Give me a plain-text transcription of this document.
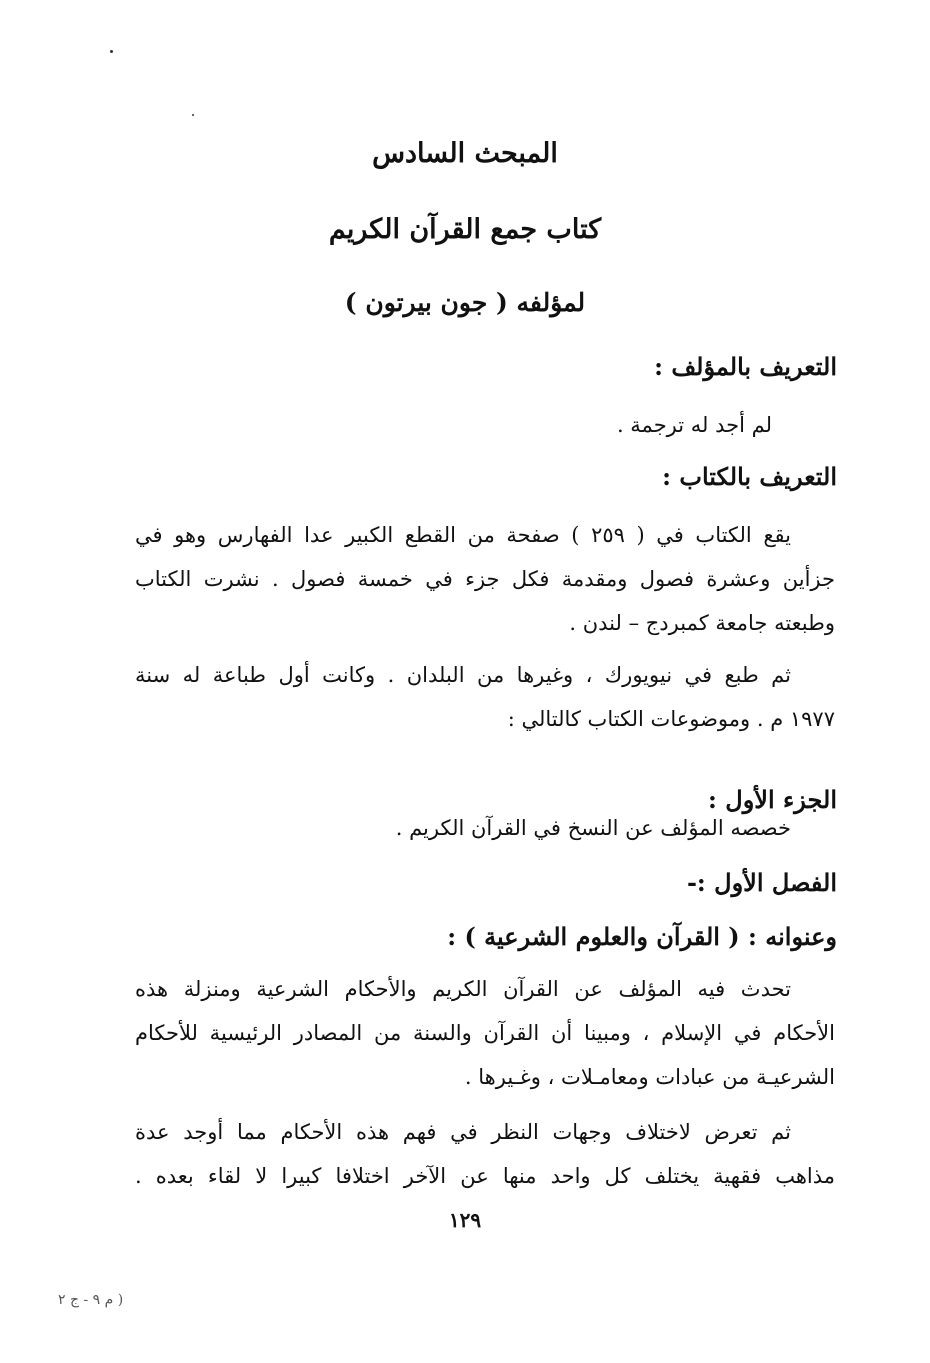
المبحث السادس
كتاب جمع القرآن الكريم
لمؤلفه ( جون بيرتون )
التعريف بالمؤلف :
لم أجد له ترجمة .
التعريف بالكتاب :
يقع الكتاب في ( ٢٥٩ ) صفحة من القطع الكبير عدا الفهارس وهو في
جزأين وعشرة فصول ومقدمة فكل جزء في خمسة فصول . نشرت الكتاب
وطبعته جامعة كمبردج – لندن .
ثم طبع في نيويورك ، وغيرها من البلدان . وكانت أول طباعة له سنة
١٩٧٧ م . وموضوعات الكتاب كالتالي :
الجزء الأول :
خصصه المؤلف عن النسخ في القرآن الكريم .
الفصل الأول :-
وعنوانه : ( القرآن والعلوم الشرعية ) :
تحدث فيه المؤلف عن القرآن الكريم والأحكام الشرعية ومنزلة هذه
الأحكام في الإسلام ، ومبينا أن القرآن والسنة من المصادر الرئيسية للأحكام
الشرعيـة من عبادات ومعامـلات ، وغـيرها .
ثم تعرض لاختلاف وجهات النظر في فهم هذه الأحكام مما أوجد عدة
مذاهب فقهية يختلف كل واحد منها عن الآخر اختلافا كبيرا لا لقاء بعده .
١٢٩
( م ٩ - ج ٢
